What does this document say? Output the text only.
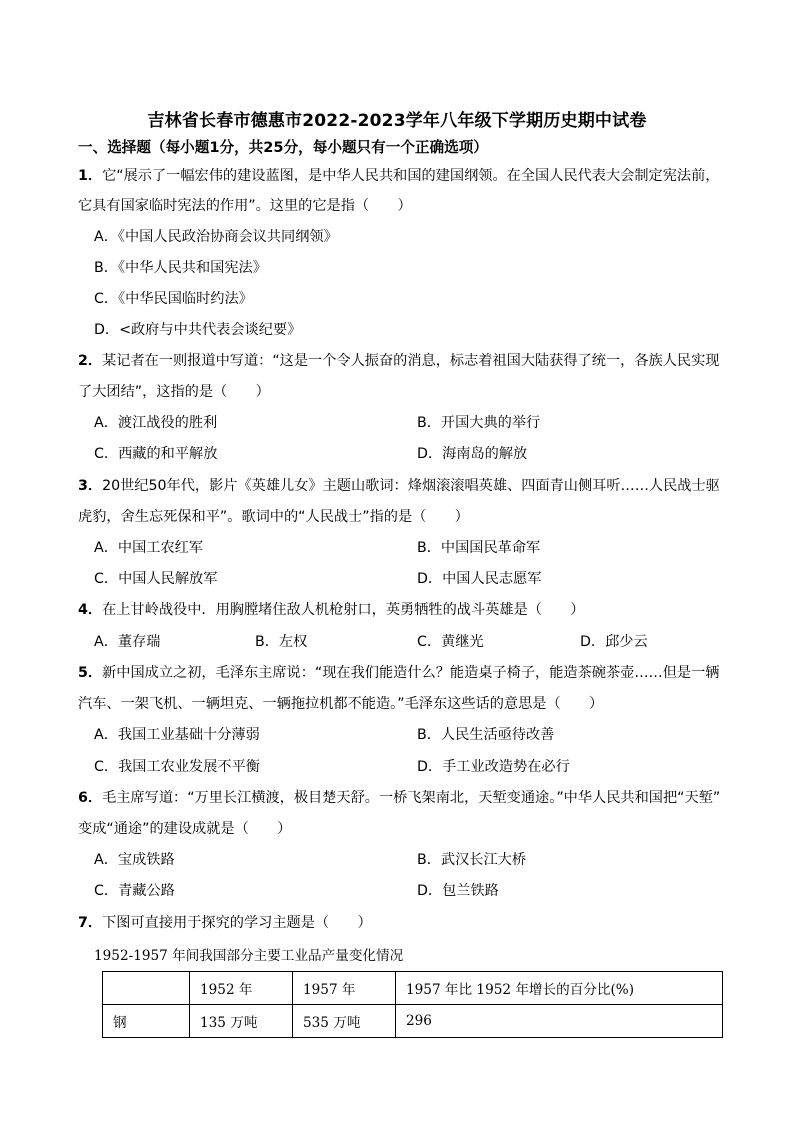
吉林省长春市德惠市2022-2023学年八年级下学期历史期中试卷
一、选择题（每小题1分，共25分，每小题只有一个正确选项）
1．它“展示了一幅宏伟的建设蓝图，是中华人民共和国的建国纲领。在全国人民代表大会制定宪法前，
它具有国家临时宪法的作用”。这里的它是指（　　）
A．《中国人民政治协商会议共同纲领》
B．《中华人民共和国宪法》
C．《中华民国临时约法》
D．<政府与中共代表会谈纪要》
2．某记者在一则报道中写道：“这是一个令人振奋的消息，标志着祖国大陆获得了统一，各族人民实现
了大团结”，这指的是（　　）
A．渡江战役的胜利	B．开国大典的举行
C．西藏的和平解放	D．海南岛的解放
3．20世纪50年代，影片《英雄儿女》主题山歌词：烽烟滚滚唱英雄、四面青山侧耳听……人民战士驱
虎豹，舍生忘死保和平”。歌词中的“人民战士”指的是（　　）
A．中国工农红军	B．中国国民革命军
C．中国人民解放军	D．中国人民志愿军
4．在上甘岭战役中．用胸膛堵住敌人机枪射口，英勇牺牲的战斗英雄是（　　）
A．董存瑞	B．左权	C．黄继光	D．邱少云
5．新中国成立之初，毛泽东主席说：“现在我们能造什么？能造桌子椅子，能造茶碗茶壶……但是一辆
汽车、一架飞机、一辆坦克、一辆拖拉机都不能造。”毛泽东这些话的意思是（　　）
A．我国工业基础十分薄弱	B．人民生活亟待改善
C．我国工农业发展不平衡	D．手工业改造势在必行
6．毛主席写道：“万里长江横渡，极目楚天舒。一桥飞架南北，天堑变通途。”中华人民共和国把“天堑”
变成“通途”的建设成就是（　　）
A．宝成铁路	B．武汉长江大桥
C．青藏公路	D．包兰铁路
7．下图可直接用于探究的学习主题是（　　）
1952-1957 年间我国部分主要工业品产量变化情况
	1952 年	1957 年	1957 年比 1952 年增长的百分比(%)
钢	135 万吨	535 万吨	296
